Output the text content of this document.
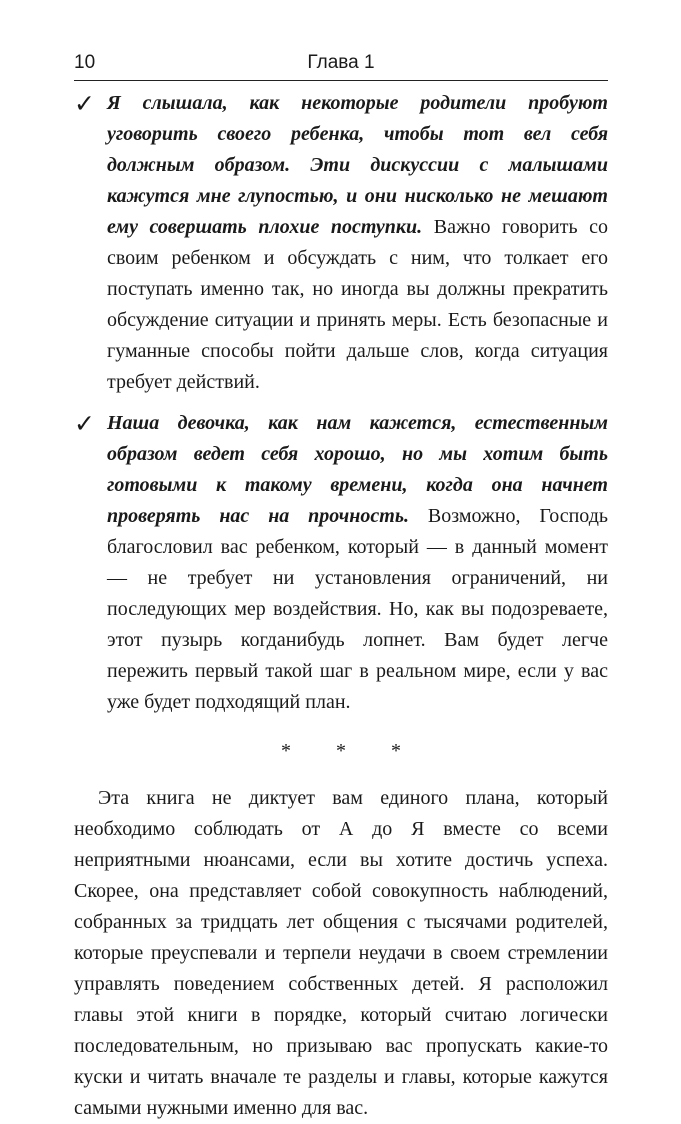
10	Глава 1
✓ Я слышала, как некоторые родители пробуют уговорить своего ребенка, чтобы тот вел себя должным образом. Эти дискуссии с малышами кажутся мне глупостью, и они нисколько не мешают ему совершать плохие поступки. Важно говорить со своим ребенком и обсуждать с ним, что толкает его поступать именно так, но иногда вы должны прекратить обсуждение ситуации и принять меры. Есть безопасные и гуманные способы пойти дальше слов, когда ситуация требует действий.
✓ Наша девочка, как нам кажется, естественным образом ведет себя хорошо, но мы хотим быть готовыми к такому времени, когда она начнет проверять нас на прочность. Возможно, Господь благословил вас ребенком, который — в данный момент — не требует ни установления ограничений, ни последующих мер воздействия. Но, как вы подозреваете, этот пузырь когданибудь лопнет. Вам будет легче пережить первый такой шаг в реальном мире, если у вас уже будет подходящий план.
* * *

Эта книга не диктует вам единого плана, который необходимо соблюдать от А до Я вместе со всеми неприятными нюансами, если вы хотите достичь успеха. Скорее, она представляет собой совокупность наблюдений, собранных за тридцать лет общения с тысячами родителей, которые преуспевали и терпели неудачи в своем стремлении управлять поведением собственных детей. Я расположил главы этой книги в порядке, который считаю логически последовательным, но призываю вас пропускать какие-то куски и читать вначале те разделы и главы, которые кажутся самыми нужными именно для вас.
